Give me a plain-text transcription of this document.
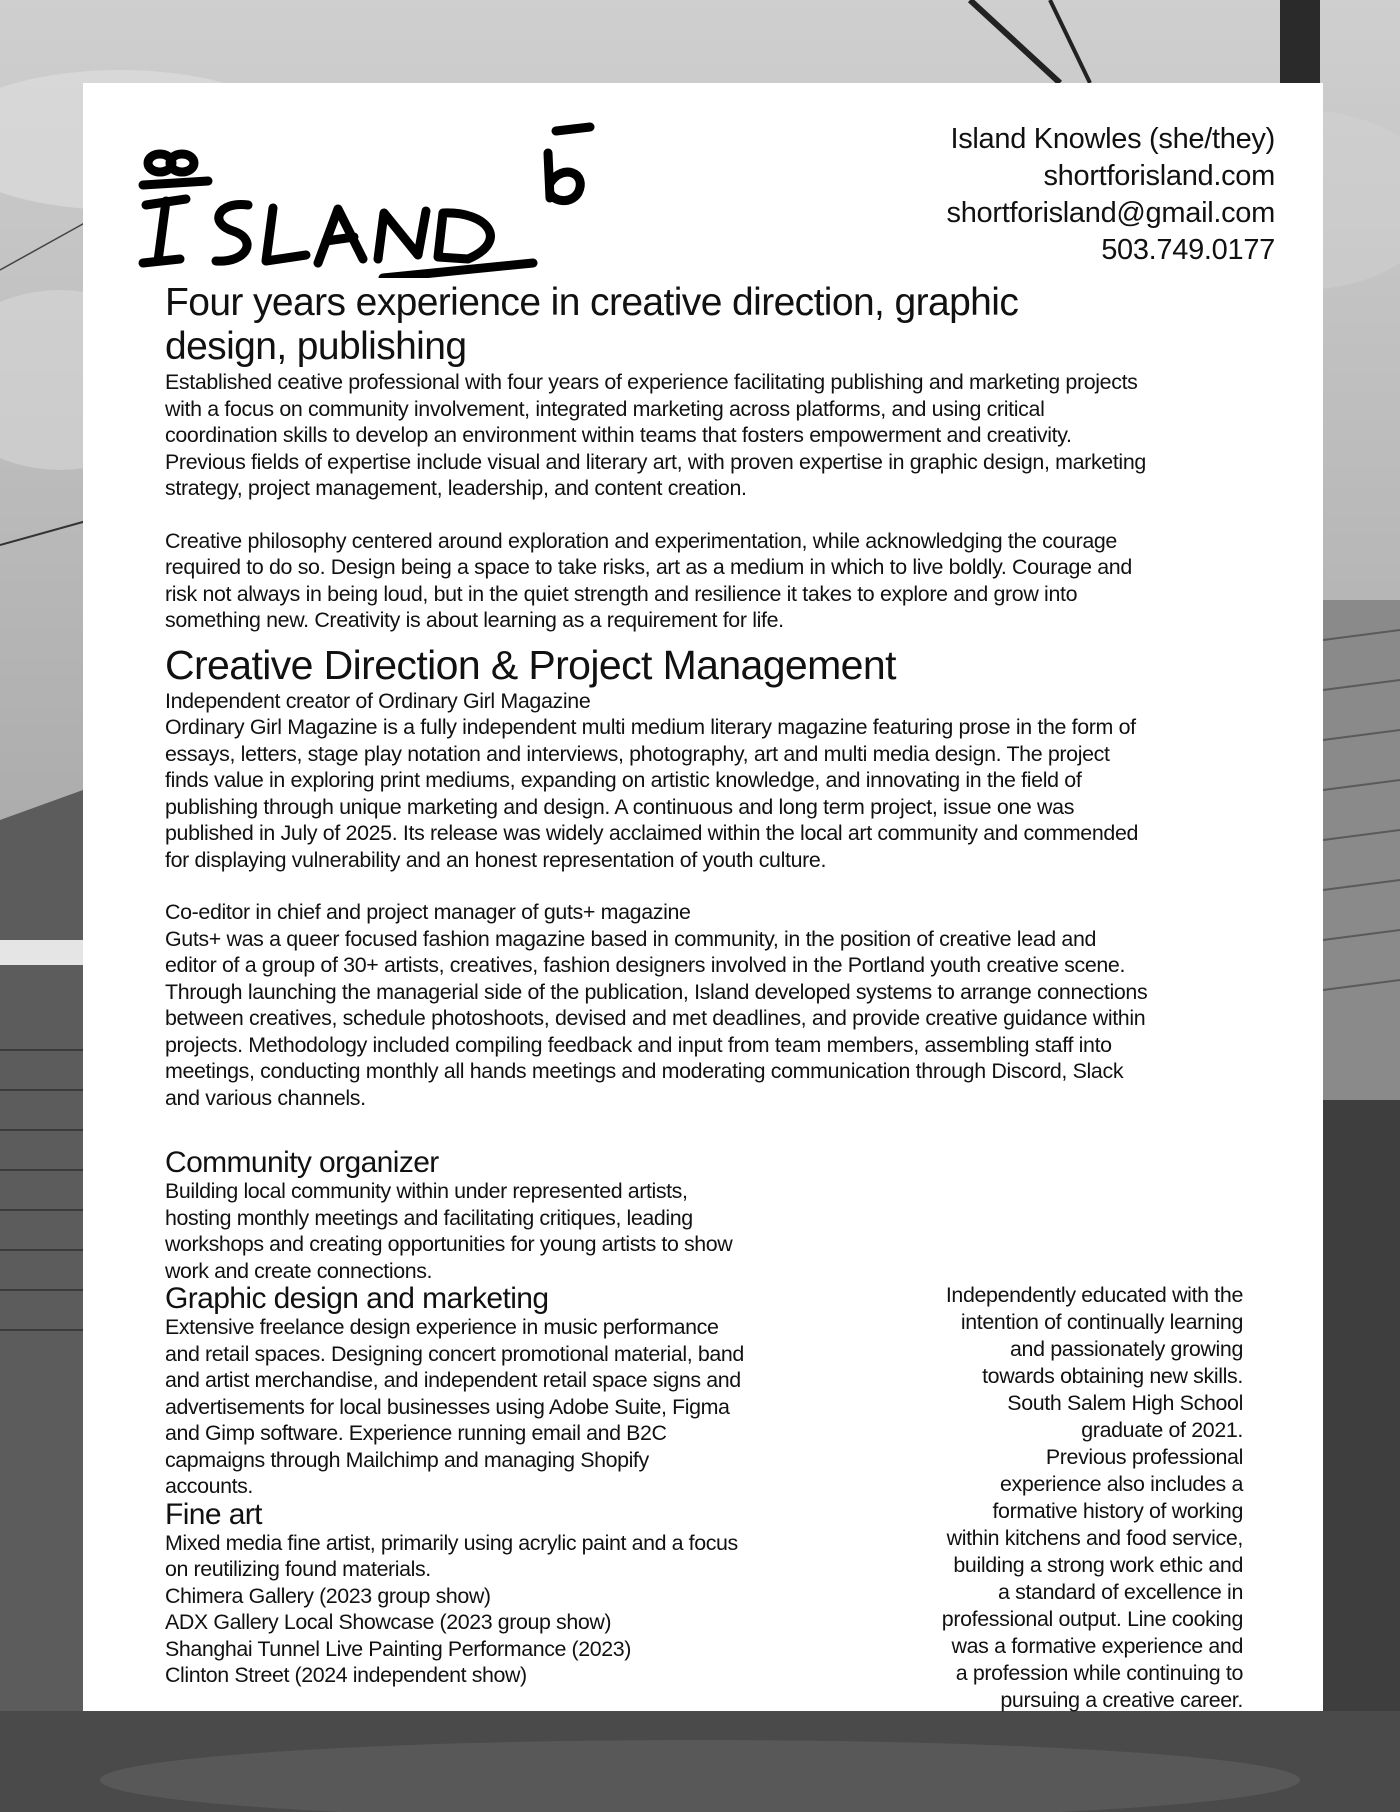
Island Knowles (she/they)
shortforisland.com
shortforisland@gmail.com
503.749.0177
Four years experience in creative direction, graphic
design, publishing

Established ceative professional with four years of experience facilitating publishing and marketing projects
with a focus on community involvement, integrated marketing across platforms, and using critical
coordination skills to develop an environment within teams that fosters empowerment and creativity.
Previous fields of expertise include visual and literary art, with proven expertise in graphic design, marketing
strategy, project management, leadership, and content creation.

Creative philosophy centered around exploration and experimentation, while acknowledging the courage
required to do so. Design being a space to take risks, art as a medium in which to live boldly. Courage and
risk not always in being loud, but in the quiet strength and resilience it takes to explore and grow into
something new. Creativity is about learning as a requirement for life.

Creative Direction & Project Management

Independent creator of Ordinary Girl Magazine

Ordinary Girl Magazine is a fully independent multi medium literary magazine featuring prose in the form of
essays, letters, stage play notation and interviews, photography, art and multi media design. The project
finds value in exploring print mediums, expanding on artistic knowledge, and innovating in the field of
publishing through unique marketing and design. A continuous and long term project, issue one was
published in July of 2025. Its release was widely acclaimed within the local art community and commended
for displaying vulnerability and an honest representation of youth culture.

Co-editor in chief and project manager of guts+ magazine

Guts+ was a queer focused fashion magazine based in community, in the position of creative lead and
editor of a group of 30+ artists, creatives, fashion designers involved in the Portland youth creative scene.
Through launching the managerial side of the publication, Island developed systems to arrange connections
between creatives, schedule photoshoots, devised and met deadlines, and provide creative guidance within
projects. Methodology included compiling feedback and input from team members, assembling staff into
meetings, conducting monthly all hands meetings and moderating communication through Discord, Slack
and various channels.

Community organizer

Building local community within under represented artists,
hosting monthly meetings and facilitating critiques, leading
workshops and creating opportunities for young artists to show
work and create connections.

Graphic design and marketing

Extensive freelance design experience in music performance
and retail spaces. Designing concert promotional material, band
and artist merchandise, and independent retail space signs and
advertisements for local businesses using Adobe Suite, Figma
and Gimp software. Experience running email and B2C
capmaigns through Mailchimp and managing Shopify
accounts.

Fine art

Mixed media fine artist, primarily using acrylic paint and a focus
on reutilizing found materials.
Chimera Gallery (2023 group show)
ADX Gallery Local Showcase (2023 group show)
Shanghai Tunnel Live Painting Performance (2023)
Clinton Street (2024 independent show)

Independently educated with the
intention of continually learning
and passionately growing
towards obtaining new skills.
South Salem High School
graduate of 2021.
Previous professional
experience also includes a
formative history of working
within kitchens and food service,
building a strong work ethic and
a standard of excellence in
professional output. Line cooking
was a formative experience and
a profession while continuing to
pursuing a creative career.
